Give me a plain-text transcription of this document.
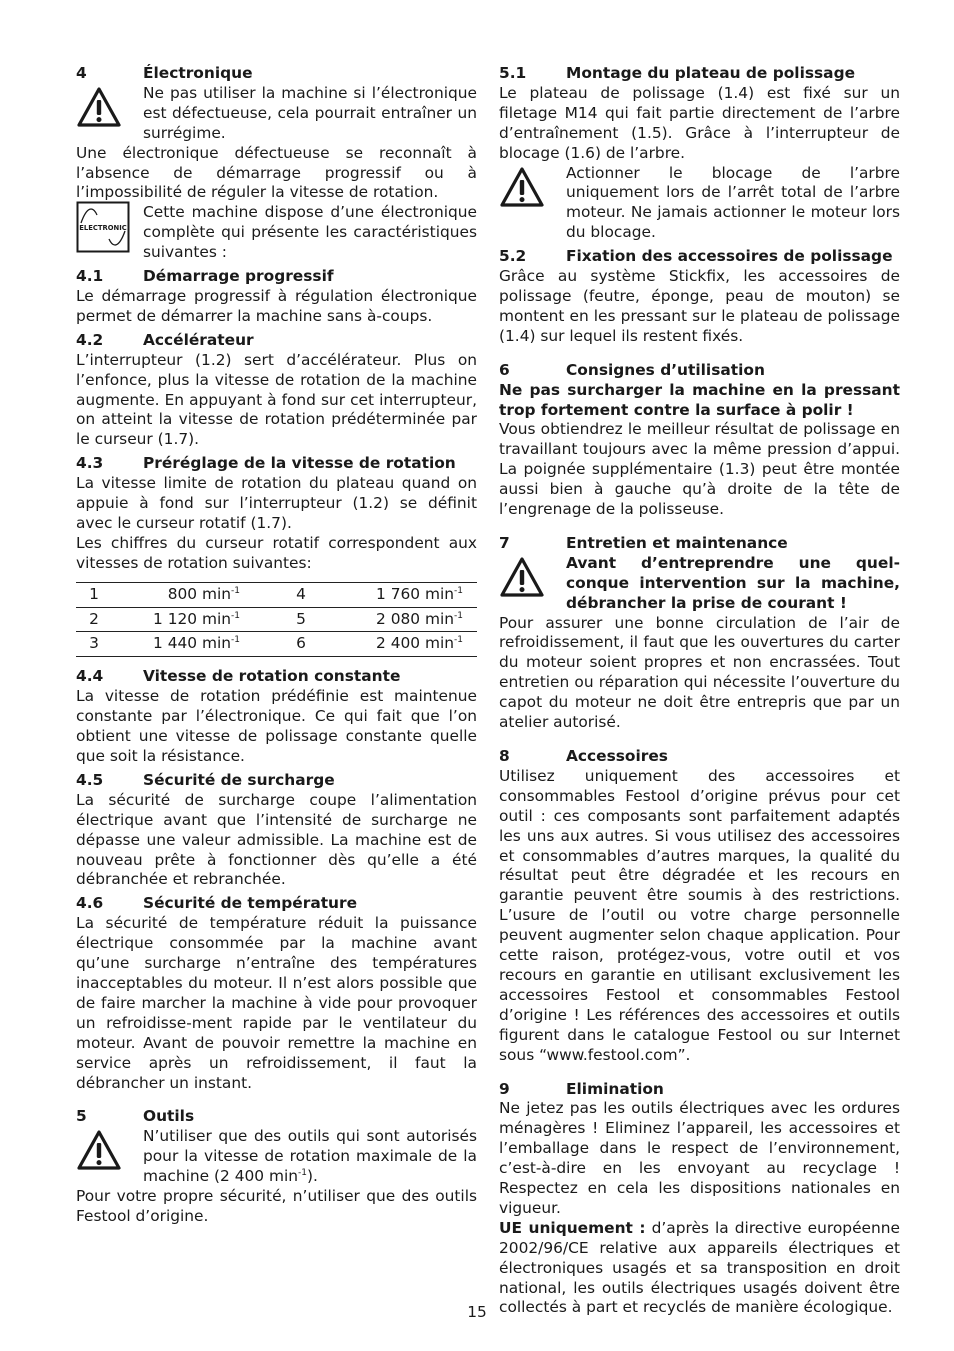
4	Électronique

Ne pas utiliser la machine si l’électronique est défectueuse, cela pourrait entraîner un surrégime.

Une électronique défectueuse se reconnaît à l’absence de démarrage progressif ou à l’impossibilité de réguler la vitesse de rotation.

ELECTRONIC

Cette machine dispose d’une électronique complète qui présente les caractéristiques suivantes :

4.1	Démarrage progressif

Le démarrage progressif à régulation électronique permet de démarrer la machine sans à-coups.

4.2	Accélérateur

L’interrupteur (1.2) sert d’accélérateur. Plus on l’enfonce, plus la vitesse de rotation de la machine augmente. En appuyant à fond sur cet interrupteur, on atteint la vitesse de rotation prédéterminée par le curseur (1.7).

4.3	Préréglage de la vitesse de rotation

La vitesse limite de rotation du plateau quand on appuie à fond sur l’interrupteur (1.2) se définit avec le curseur rotatif (1.7).

Les chiffres du curseur rotatif correspondent aux vitesses de rotation suivantes:

1	800 $\min^{-1}$	4	1 760 $\min^{-1}$
2	1 120 $\min^{-1}$	5	2 080 $\min^{-1}$
3	1 440 $\min^{-1}$	6	2 400 $\min^{-1}$
4.4	Vitesse de rotation constante

La vitesse de rotation prédéfinie est maintenue constante par l’électronique. Ce qui fait que l’on obtient une vitesse de polissage constante quelle que soit la résistance.

4.5	Sécurité de surcharge

La sécurité de surcharge coupe l’alimentation électrique avant que l’intensité de surcharge ne dépasse une valeur admissible. La machine est de nouveau prête à fonctionner dès qu’elle a été débranchée et rebranchée.

4.6	Sécurité de température

La sécurité de température réduit la puissance électrique consommée par la machine avant qu’une surcharge n’entraîne des températures inacceptables du moteur. Il n’est alors possible que de faire marcher la machine à vide pour provoquer un refroidisse-ment rapide par le ventilateur du moteur. Avant de pouvoir remettre la machine en service après un refroidissement, il faut la débrancher un instant.

5	Outils

N’utiliser que des outils qui sont autorisés pour la vitesse de rotation maximale de la machine (2 400 $\min^{-1}$).

Pour votre propre sécurité, n’utiliser que des outils Festool d’origine.

5.1	Montage du plateau de polissage

Le plateau de polissage (1.4) est fixé sur un filetage M14 qui fait partie directement de l’arbre d’entraînement (1.5). Grâce à l’interrupteur de blocage (1.6) de l’arbre.

Actionner le blocage de l’arbre uniquement lors de l’arrêt total de l’arbre moteur. Ne jamais actionner le moteur lors du blocage.

5.2	Fixation des accessoires de polissage

Grâce au système Stickfix, les accessoires de polissage (feutre, éponge, peau de mouton) se montent en les pressant sur le plateau de polissage (1.4) sur lequel ils restent fixés.

6	Consignes d’utilisation

Ne pas surcharger la machine en la pressant trop fortement contre la surface à polir !

Vous obtiendrez le meilleur résultat de polissage en travaillant toujours avec la même pression d’appui. La poignée supplémentaire (1.3) peut être montée aussi bien à gauche qu’à droite de la tête de l’engrenage de la polisseuse.

7	Entretien et maintenance

Avant d’entreprendre une quel-conque intervention sur la machine, débrancher la prise de courant !

Pour assurer une bonne circulation de l’air de refroidissement, il faut que les ouvertures du carter du moteur soient propres et non encrassées. Tout entretien ou réparation qui nécessite l’ouverture du capot du moteur ne doit être entrepris que par un atelier autorisé.

8	Accessoires

Utilisez uniquement des accessoires et consommables Festool d’origine prévus pour cet outil : ces composants sont parfaitement adaptés les uns aux autres. Si vous utilisez des accessoires et consommables d’autres marques, la qualité du résultat peut être dégradée et les recours en garantie peuvent être soumis à des restrictions. L’usure de l’outil ou votre charge personnelle peuvent augmenter selon chaque application. Pour cette raison, protégez-vous, votre outil et vos recours en garantie en utilisant exclusivement les accessoires Festool et consommables Festool d’origine ! Les références des accessoires et outils figurent dans le catalogue Festool ou sur Internet sous “www.festool.com”.

9	Elimination

Ne jetez pas les outils électriques avec les ordures ménagères ! Eliminez l’appareil, les accessoires et l’emballage dans le respect de l’environnement, c’est-à-dire en les envoyant au recyclage ! Respectez en cela les dispositions nationales en vigueur.

UE uniquement : d’après la directive européenne 2002/96/CE relative aux appareils électriques et électroniques usagés et sa transposition en droit national, les outils électriques usagés doivent être collectés à part et recyclés de manière écologique.

15
